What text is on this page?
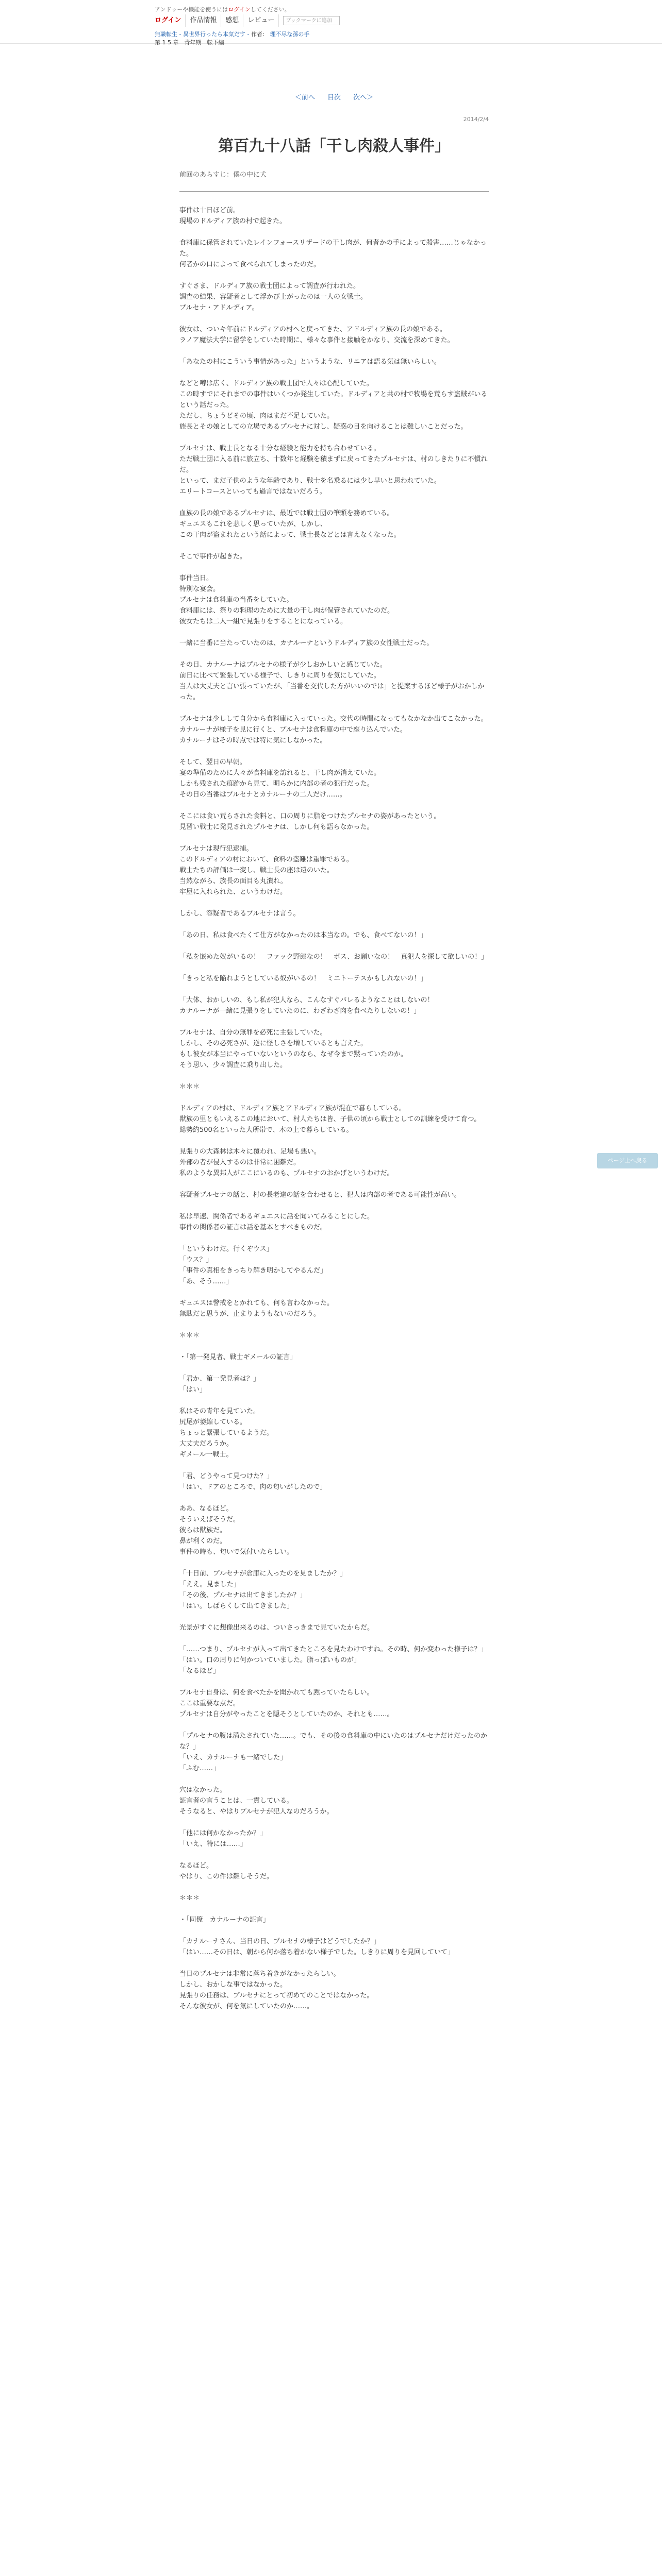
アンドゥーや機能を使うにはログインしてください。
ログイン	作品情報	感想	レビュー	ブックマークに追加
無職転生 - 異世界行ったら本気だす - 作者： 理不尽な孫の手
第 1 5 章　青年期　転下編
＜前へ 目次 次へ＞
2014/2/4
第百九十八話「干し肉殺人事件」
前回のあらすじ：僕の中に犬

事件は十日ほど前。
現場のドルディア族の村で起きた。

食料庫に保管されていたレインフォースリザードの干し肉が、何者かの手によって殺害……じゃなかった。
何者かの口によって食べられてしまったのだ。

すぐさま、ドルディア族の戦士団によって調査が行われた。
調査の結果、容疑者として浮かび上がったのは一人の女戦士。
プルセナ・アドルディア。

彼女は、ついキ年前にドルディアの村へと戻ってきた、アドルディア族の長の娘である。
ラノア魔法大学に留学をしていた時期に、様々な事件と接触をかなり、交流を深めてきた。

「あなたの村にこういう事情があった」というような、リニアは語る気は無いらしい。

などと噂は広く、ドルディア族の戦士団で人々は心配していた。
この時すでにそれまでの事件はいくつか発生していた。ドルディアと共の村で牧場を荒らす盗賊がいるという話だった。
ただし、ちょうどその頃、肉はまだ不足していた。
族長とその娘としての立場であるプルセナに対し、疑惑の目を向けることは難しいことだった。

プルセナは、戦士長となる十分な経験と能力を持ち合わせている。
ただ戦士団に入る前に旅立ち、十数年と経験を積まずに戻ってきたプルセナは、村のしきたりに不慣れだ。
といって、まだ子供のような年齢であり、戦士を名乗るには少し早いと思われていた。
エリートコースといっても過言ではないだろう。

血族の長の娘であるプルセナは、最近では戦士団の筆頭を務めている。
ギュエスもこれを悲しく思っていたが、しかし、
この干肉が盗まれたという話によって、戦士長などとは言えなくなった。

そこで事件が起きた。

事件当日。
特別な宴会。
プルセナは食料庫の当番をしていた。
食料庫には、祭りの料理のために大量の干し肉が保管されていたのだ。
彼女たちは二人一組で見張りをすることになっている。

一緒に当番に当たっていたのは、カナルーナというドルディア族の女性戦士だった。

その日、カナルーナはプルセナの様子が少しおかしいと感じていた。
前日に比べて緊張している様子で、しきりに周りを気にしていた。
当人は大丈夫と言い張っていたが、「当番を交代した方がいいのでは」と提案するほど様子がおかしかった。

プルセナは少しして自分から食料庫に入っていった。交代の時間になってもなかなか出てこなかった。
カナルーナが様子を見に行くと、プルセナは食料庫の中で座り込んでいた。
カナルーナはその時点では特に気にしなかった。

そして、翌日の早朝。
宴の準備のために人々が食料庫を訪れると、干し肉が消えていた。
しかも残された痕跡から見て、明らかに内部の者の犯行だった。
その日の当番はプルセナとカナルーナの二人だけ……。

そこには食い荒らされた食料と、口の周りに脂をつけたプルセナの姿があったという。
見習い戦士に発見されたプルセナは、しかし何も語らなかった。

プルセナは現行犯逮捕。
このドルディアの村において、食料の盗難は重罪である。
戦士たちの評価は一変し、戦士長の座は遠のいた。
当然ながら、族長の面目も丸潰れ。
牢屋に入れられた、というわけだ。

しかし、容疑者であるプルセナは言う。

「あの日、私は食べたくて仕方がなかったのは本当なの。でも、食べてないの！」

「私を嵌めた奴がいるの！　ファック野郎なの！　ボス、お願いなの！　真犯人を探して欲しいの！」

「きっと私を陥れようとしている奴がいるの！　ミニトーテスかもしれないの！」

「大体、おかしいの、もし私が犯人なら、こんなすぐバレるようなことはしないの！
カナルーナが一緒に見張りをしていたのに、わざわざ肉を食べたりしないの！」

プルセナは、自分の無罪を必死に主張していた。
しかし、その必死さが、逆に怪しさを増しているとも言えた。
もし彼女が本当にやっていないというのなら、なぜ今まで黙っていたのか。
そう思い、少々調査に乗り出した。

＊＊＊

ドルディアの村は、ドルディア族とアドルディア族が混在で暮らしている。
獣族の里ともいえるこの地において、村人たちは皆、子供の頃から戦士としての訓練を受けて育つ。
総勢約500名といった大所帯で、木の上で暮らしている。

見張りの大森林は木々に覆われ、足場も悪い。
外部の者が侵入するのは非常に困難だ。
私のような異邦人がここにいるのも、プルセナのおかげというわけだ。

容疑者プルセナの話と、村の長老達の話を合わせると、犯人は内部の者である可能性が高い。

私は早速、関係者であるギュエスに話を聞いてみることにした。
事件の関係者の証言は話を基本とすべきものだ。

「というわけだ。行くぞウス」
「ウス？」
「事件の真相をきっちり解き明かしてやるんだ」
「あ、そう……」

ギュエスは警戒をとかれても、何も言わなかった。
無駄だと思うが、止まりようもないのだろう。

＊＊＊

・「第一発見者、戦士ギメールの証言」

「君か、第一発見者は？」
「はい」

私はその青年を見ていた。
尻尾が萎縮している。
ちょっと緊張しているようだ。
大丈夫だろうか。
ギメール一戦士。

「君、どうやって見つけた？」
「はい、ドアのところで、肉の匂いがしたので」

ああ、なるほど。
そういえばそうだ。
彼らは獣族だ。
鼻が利くのだ。
事件の時も、匂いで気付いたらしい。

「十日前、プルセナが倉庫に入ったのを見ましたか？」
「ええ。見ました」
「その後、プルセナは出てきましたか？」
「はい。しばらくして出てきました」

光景がすぐに想像出来るのは、ついさっきまで見ていたからだ。

「……つまり、プルセナが入って出てきたところを見たわけですね。その時、何か変わった様子は？」
「はい。口の周りに何かついていました。脂っぽいものが」
「なるほど」

プルセナ自身は、何を食べたかを聞かれても黙っていたらしい。
ここは重要な点だ。
プルセナは自分がやったことを隠そうとしていたのか、それとも……。

「プルセナの腹は満たされていた……。でも、その後の食料庫の中にいたのはプルセナだけだったのかな？」
「いえ、カナルーナも一緒でした」
「ふむ……」

穴はなかった。
証言者の言うことは、一貫している。
そうなると、やはりプルセナが犯人なのだろうか。

「他には何かなかったか？」
「いえ、特には……」

なるほど。
やはり、この件は難しそうだ。

＊＊＊

・「同僚　カナルーナの証言」

「カナルーナさん、当日の日、プルセナの様子はどうでしたか？」
「はい……その日は、朝から何か落ち着かない様子でした。しきりに周りを見回していて」

当日のプルセナは非常に落ち着きがなかったらしい。
しかし、おかしな事ではなかった。
見張りの任務は、プルセナにとって初めてのことではなかった。
そんな彼女が、何を気にしていたのか……。

ページ上へ戻る
